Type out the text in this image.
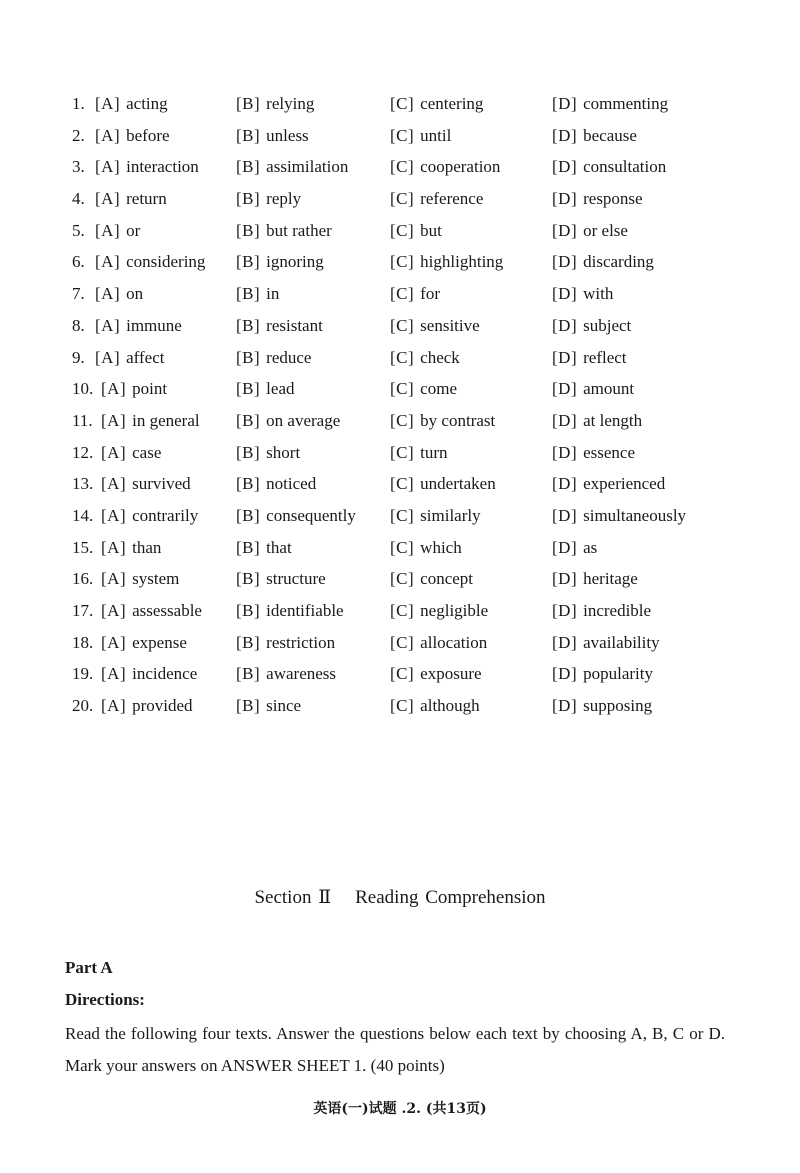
1. [A] acting	[B] relying	[C] centering	[D] commenting
2. [A] before	[B] unless	[C] until	[D] because
3. [A] interaction [B] assimilation [C] cooperation	[D] consultation
4. [A] return	[B] reply	[C] reference	[D] response
5. [A] or	[B] but rather	[C] but	[D] or else
6. [A] considering [B] ignoring	[C] highlighting	[D] discarding
7. [A] on	[B] in	[C] for	[D] with
8. [A] immune	[B] resistant	[C] sensitive	[D] subject
9. [A] affect	[B] reduce	[C] check	[D] reflect
10. [A] point	[B] lead	[C] come	[D] amount
11. [A] in general [B] on average	[C] by contrast	[D] at length
12. [A] case	[B] short	[C] turn	[D] essence
13. [A] survived	[B] noticed	[C] undertaken	[D] experienced
14. [A] contrarily [B] consequently [C] similarly	[D] simultaneously
15. [A] than	[B] that	[C] which	[D] as
16. [A] system	[B] structure	[C] concept	[D] heritage
17. [A] assessable [B] identifiable	[C] negligible	[D] incredible
18. [A] expense	[B] restriction	[C] allocation	[D] availability
19. [A] incidence [B] awareness	[C] exposure	[D] popularity
20. [A] provided	[B] since	[C] although	[D] supposing
Section Ⅱ Reading Comprehension
Part A
Directions:
Read the following four texts. Answer the questions below each text by choosing A, B, C or D. Mark your answers on ANSWER SHEET 1. (40 points)
英语(一)试题 .2. (共13页)
